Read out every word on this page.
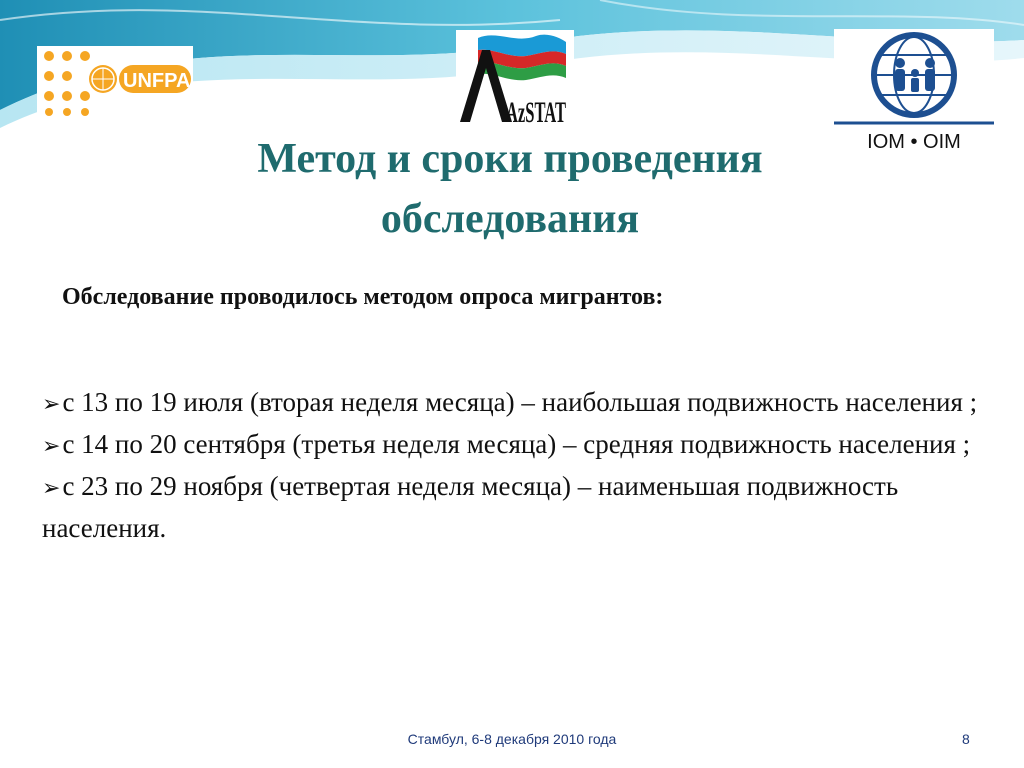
UNFPA
AzSTAT
IOM • OIM
Метод и сроки проведения
обследования
Обследование проводилось методом опроса мигрантов:
➢с 13 по 19 июля (вторая неделя месяца) – наибольшая подвижность населения ;
➢с 14 по 20 сентября (третья неделя месяца) – средняя подвижность населения ;
➢с 23 по 29 ноября (четвертая неделя месяца) – наименьшая подвижность населения.
Стамбул, 6-8 декабря 2010 года	8
